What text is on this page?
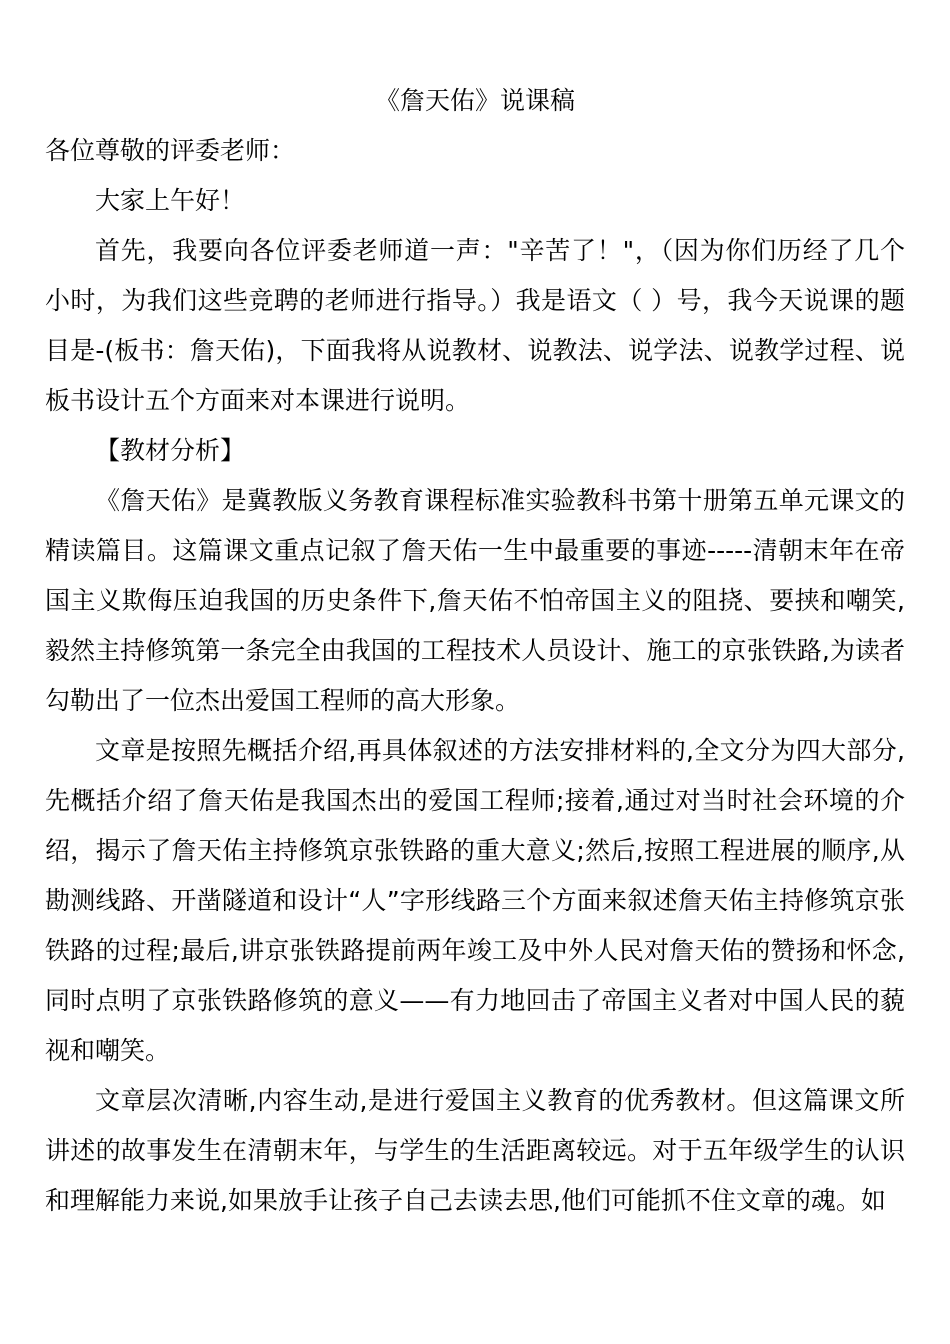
《詹天佑》说课稿

各位尊敬的评委老师：

大家上午好！

首先，我要向各位评委老师道一声："辛苦了！"，（因为你们历经了几个小时，为我们这些竞聘的老师进行指导。）我是语文（ ）号，我今天说课的题目是-(板书：詹天佑)，下面我将从说教材、说教法、说学法、说教学过程、说板书设计五个方面来对本课进行说明。

【教材分析】

《詹天佑》是冀教版义务教育课程标准实验教科书第十册第五单元课文的精读篇目。这篇课文重点记叙了詹天佑一生中最重要的事迹-----清朝末年在帝国主义欺侮压迫我国的历史条件下,詹天佑不怕帝国主义的阻挠、要挟和嘲笑,毅然主持修筑第一条完全由我国的工程技术人员设计、施工的京张铁路,为读者勾勒出了一位杰出爱国工程师的高大形象。

文章是按照先概括介绍,再具体叙述的方法安排材料的,全文分为四大部分,先概括介绍了詹天佑是我国杰出的爱国工程师;接着,通过对当时社会环境的介绍，揭示了詹天佑主持修筑京张铁路的重大意义;然后,按照工程进展的顺序,从勘测线路、开凿隧道和设计“人”字形线路三个方面来叙述詹天佑主持修筑京张铁路的过程;最后,讲京张铁路提前两年竣工及中外人民对詹天佑的赞扬和怀念,同时点明了京张铁路修筑的意义——有力地回击了帝国主义者对中国人民的藐视和嘲笑。

文章层次清晰,内容生动,是进行爱国主义教育的优秀教材。但这篇课文所讲述的故事发生在清朝末年，与学生的生活距离较远。对于五年级学生的认识和理解能力来说,如果放手让孩子自己去读去思,他们可能抓不住文章的魂。如
